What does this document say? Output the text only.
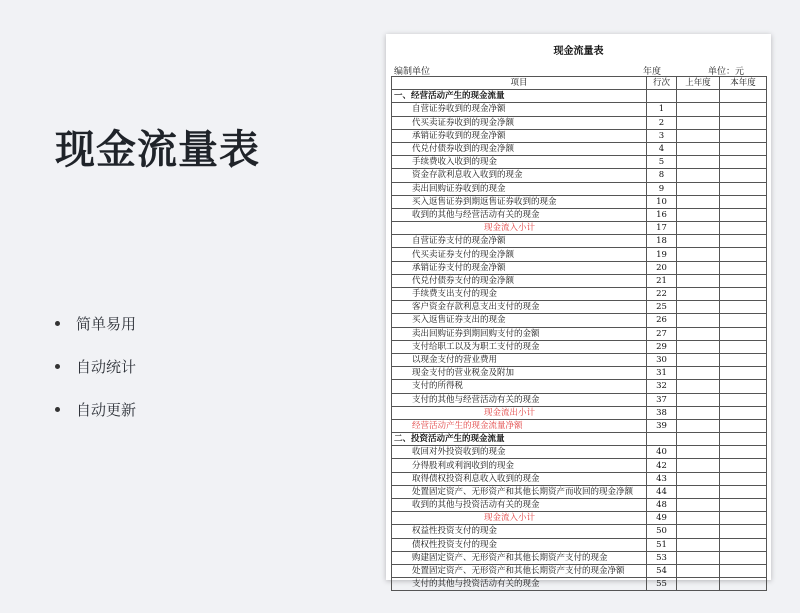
现金流量表
简单易用
自动统计
自动更新
现金流量表
编制单位	年度	单位：元
项目	行次	上年度	本年度
一、经营活动产生的现金流量			
自营证券收到的现金净额	1		
代买卖证券收到的现金净额	2		
承销证券收到的现金净额	3		
代兑付债券收到的现金净额	4		
手续费收入收到的现金	5		
资金存款利息收入收到的现金	8		
卖出回购证券收到的现金	9		
买入返售证券到期返售证券收到的现金	10		
收到的其他与经营活动有关的现金	16		
现金流入小计	17		
自营证券支付的现金净额	18		
代买卖证券支付的现金净额	19		
承销证券支付的现金净额	20		
代兑付债券支付的现金净额	21		
手续费支出支付的现金	22		
客户资金存款利息支出支付的现金	25		
买入返售证券支出的现金	26		
卖出回购证券到期回购支付的金额	27		
支付给职工以及为职工支付的现金	29		
以现金支付的营业费用	30		
现金支付的营业税金及附加	31		
支付的所得税	32		
支付的其他与经营活动有关的现金	37		
现金流出小计	38		
经营活动产生的现金流量净额	39		
二、投资活动产生的现金流量			
收回对外投资收到的现金	40		
分得股利或利润收到的现金	42		
取得债权投资利息收入收到的现金	43		
处置固定资产、无形资产和其他长期资产而收回的现金净额	44		
收到的其他与投资活动有关的现金	48		
现金流入小计	49		
权益性投资支付的现金	50		
债权性投资支付的现金	51		
购建固定资产、无形资产和其他长期资产支付的现金	53		
处置固定资产、无形资产和其他长期资产支付的现金净额	54		
支付的其他与投资活动有关的现金	55		
